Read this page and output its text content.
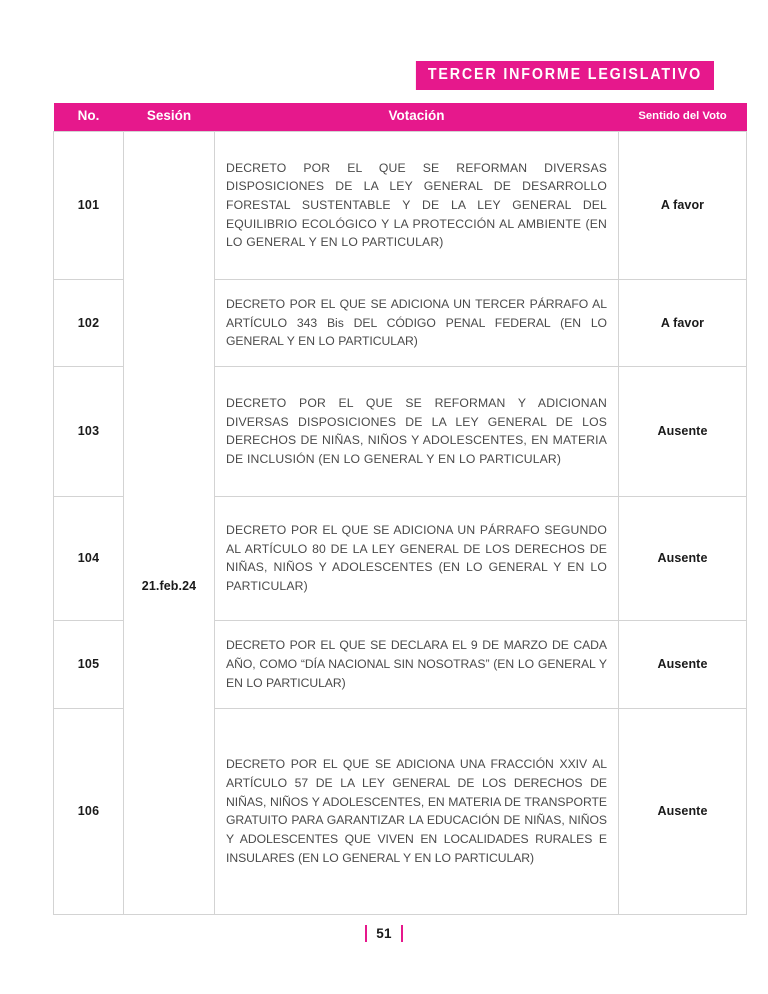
TERCER INFORME LEGISLATIVO
No.	Sesión	Votación	Sentido del Voto
101	21.feb.24	DECRETO POR EL QUE SE REFORMAN DIVERSAS DISPOSICIONES DE LA LEY GENERAL DE DESARROLLO FORESTAL SUSTENTABLE Y DE LA LEY GENERAL DEL EQUILIBRIO ECOLÓGICO Y LA PROTECCIÓN AL AMBIENTE (EN LO GENERAL Y EN LO PARTICULAR)	A favor
102		DECRETO POR EL QUE SE ADICIONA UN TERCER PÁRRAFO AL ARTÍCULO 343 Bis DEL CÓDIGO PENAL FEDERAL (EN LO GENERAL Y EN LO PARTICULAR)	A favor
103		DECRETO POR EL QUE SE REFORMAN Y ADICIONAN DIVERSAS DISPOSICIONES DE LA LEY GENERAL DE LOS DERECHOS DE NIÑAS, NIÑOS Y ADOLESCENTES, EN MATERIA DE INCLUSIÓN (EN LO GENERAL Y EN LO PARTICULAR)	Ausente
104		DECRETO POR EL QUE SE ADICIONA UN PÁRRAFO SEGUNDO AL ARTÍCULO 80 DE LA LEY GENERAL DE LOS DERECHOS DE NIÑAS, NIÑOS Y ADOLESCENTES (EN LO GENERAL Y EN LO PARTICULAR)	Ausente
105		DECRETO POR EL QUE SE DECLARA EL 9 DE MARZO DE CADA AÑO, COMO “DÍA NACIONAL SIN NOSOTRAS” (EN LO GENERAL Y EN LO PARTICULAR)	Ausente
106		DECRETO POR EL QUE SE ADICIONA UNA FRACCIÓN XXIV AL ARTÍCULO 57 DE LA LEY GENERAL DE LOS DERECHOS DE NIÑAS, NIÑOS Y ADOLESCENTES, EN MATERIA DE TRANSPORTE GRATUITO PARA GARANTIZAR LA EDUCACIÓN DE NIÑAS, NIÑOS Y ADOLESCENTES QUE VIVEN EN LOCALIDADES RURALES E INSULARES (EN LO GENERAL Y EN LO PARTICULAR)	Ausente
51
